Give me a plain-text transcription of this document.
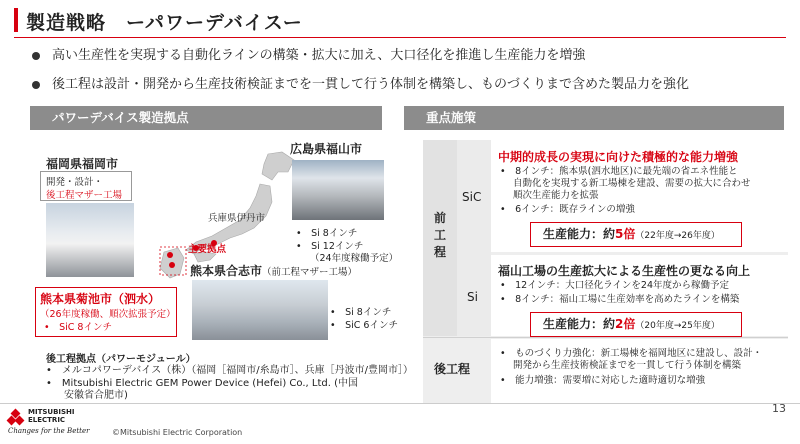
製造戦略　ーパワーデバイスー
高い生産性を実現する自動化ラインの構築・拡大に加え、大口径化を推進し生産能力を増強
後工程は設計・開発から生産技術検証までを一貫して行う体制を構築し、ものづくりまで含めた製品力を強化
パワーデバイス製造拠点	重点施策
福岡県福岡市
開発・設計・
後工程マザー工場
広島県福山市
•　Si 8インチ
•　Si 12インチ
（24年度稼働予定）
兵庫県伊丹市
主要拠点
熊本県合志市（前工程マザー工場）
•　Si 8インチ
•　SiC 6インチ
熊本県菊池市（泗水）
（26年度稼働、順次拡張予定）
•　SiC 8インチ
後工程拠点（パワーモジュール）
•　メルコパワーデバイス（株）（福岡［福岡市/糸島市］、兵庫［丹波市/豊岡市］）
•　Mitsubishi Electric GEM Power Device (Hefei) Co., Ltd. (中国
安徽省合肥市)
前工程
SiC
Si
後工程
中期的成長の実現に向けた積極的な能力増強
•　8インチ：熊本県(泗水地区)に最先端の省エネ性能と
自動化を実現する新工場棟を建設、需要の拡大に合わせ
順次生産能力を拡張
•　6インチ：既存ラインの増強
生産能力：約5倍（22年度→26年度）
福山工場の生産拡大による生産性の更なる向上
•　12インチ：大口径化ラインを24年度から稼働予定
•　8インチ：福山工場に生産効率を高めたラインを構築
生産能力：約2倍（20年度→25年度）
•　ものづくり力強化：新工場棟を福岡地区に建設し、設計・
開発から生産技術検証までを一貫して行う体制を構築
•　能力増強：需要増に対応した適時適切な増強
MITSUBISHI
ELECTRIC
Changes for the Better	©Mitsubishi Electric Corporation
13
